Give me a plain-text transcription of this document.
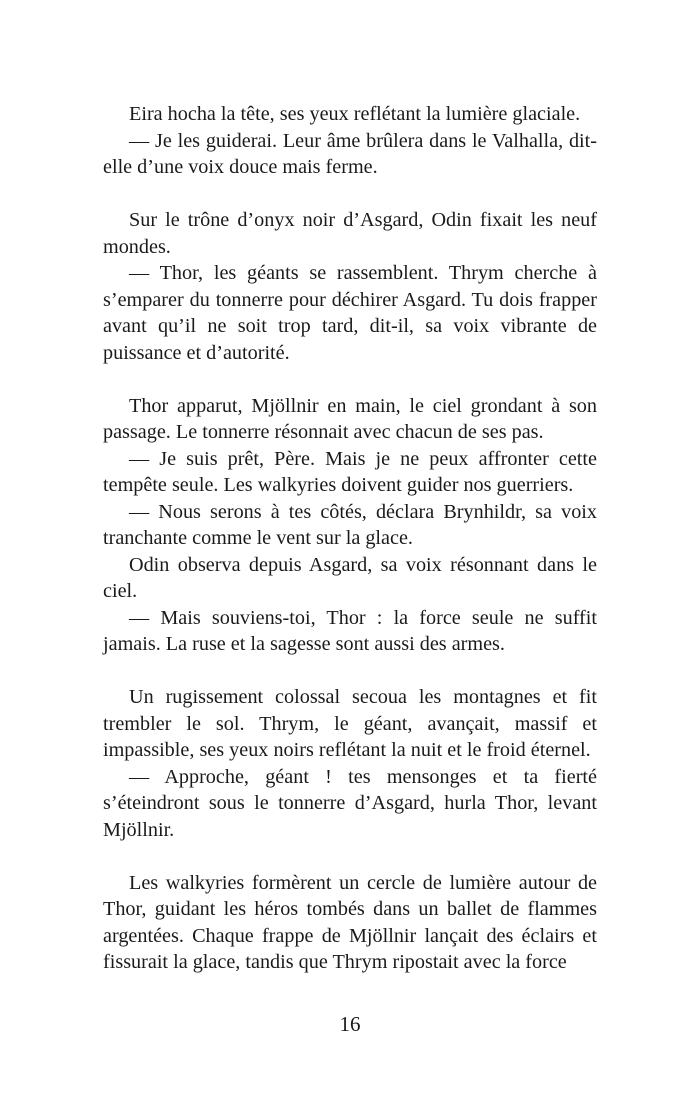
Eira hocha la tête, ses yeux reflétant la lumière glaciale.

— Je les guiderai. Leur âme brûlera dans le Valhalla, dit-elle d’une voix douce mais ferme.

Sur le trône d’onyx noir d’Asgard, Odin fixait les neuf mondes.

— Thor, les géants se rassemblent. Thrym cherche à s’emparer du tonnerre pour déchirer Asgard. Tu dois frapper avant qu’il ne soit trop tard, dit-il, sa voix vibrante de puissance et d’autorité.

Thor apparut, Mjöllnir en main, le ciel grondant à son passage. Le tonnerre résonnait avec chacun de ses pas.

— Je suis prêt, Père. Mais je ne peux affronter cette tempête seule. Les walkyries doivent guider nos guerriers.

— Nous serons à tes côtés, déclara Brynhildr, sa voix tranchante comme le vent sur la glace.

Odin observa depuis Asgard, sa voix résonnant dans le ciel.

— Mais souviens-toi, Thor : la force seule ne suffit jamais. La ruse et la sagesse sont aussi des armes.

Un rugissement colossal secoua les montagnes et fit trembler le sol. Thrym, le géant, avançait, massif et impassible, ses yeux noirs reflétant la nuit et le froid éternel.

— Approche, géant ! tes mensonges et ta fierté s’éteindront sous le tonnerre d’Asgard, hurla Thor, levant Mjöllnir.

Les walkyries formèrent un cercle de lumière autour de Thor, guidant les héros tombés dans un ballet de flammes argentées. Chaque frappe de Mjöllnir lançait des éclairs et fissurait la glace, tandis que Thrym ripostait avec la force

16
